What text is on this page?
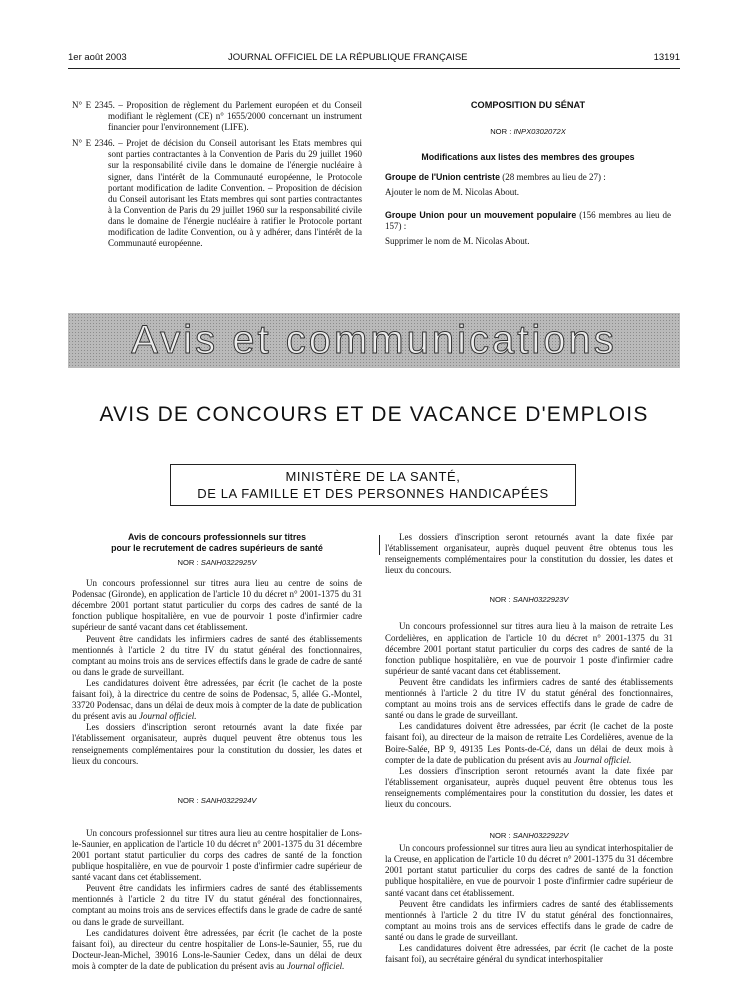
1er août 2003	JOURNAL OFFICIEL DE LA RÉPUBLIQUE FRANÇAISE	13191
N° E 2345. – Proposition de règlement du Parlement européen et du Conseil modifiant le règlement (CE) n° 1655/2000 concernant un instrument financier pour l'environnement (LIFE).
N° E 2346. – Projet de décision du Conseil autorisant les Etats membres qui sont parties contractantes à la Convention de Paris du 29 juillet 1960 sur la responsabilité civile dans le domaine de l'énergie nucléaire à signer, dans l'intérêt de la Communauté européenne, le Protocole portant modification de ladite Convention. – Proposition de décision du Conseil autorisant les Etats membres qui sont parties contractantes à la Convention de Paris du 29 juillet 1960 sur la responsabilité civile dans le domaine de l'énergie nucléaire à ratifier le Protocole portant modification de ladite Convention, ou à y adhérer, dans l'intérêt de la Communauté européenne.
COMPOSITION DU SÉNAT
NOR : INPX0302072X
Modifications aux listes des membres des groupes

Groupe de l'Union centriste (28 membres au lieu de 27) :

Ajouter le nom de M. Nicolas About.

Groupe Union pour un mouvement populaire (156 membres au lieu de 157) :

Supprimer le nom de M. Nicolas About.

Avis et communications
AVIS DE CONCOURS ET DE VACANCE D'EMPLOIS
MINISTÈRE DE LA SANTÉ,
DE LA FAMILLE ET DES PERSONNES HANDICAPÉES
Avis de concours professionnels sur titres
pour le recrutement de cadres supérieurs de santé
NOR : SANH0322925V

Un concours professionnel sur titres aura lieu au centre de soins de Podensac (Gironde), en application de l'article 10 du décret n° 2001-1375 du 31 décembre 2001 portant statut particulier du corps des cadres de santé de la fonction publique hospitalière, en vue de pourvoir 1 poste d'infirmier cadre supérieur de santé vacant dans cet établissement.

Peuvent être candidats les infirmiers cadres de santé des établissements mentionnés à l'article 2 du titre IV du statut général des fonctionnaires, comptant au moins trois ans de services effectifs dans le grade de cadre de santé ou dans le grade de surveillant.

Les candidatures doivent être adressées, par écrit (le cachet de la poste faisant foi), à la directrice du centre de soins de Podensac, 5, allée G.-Montel, 33720 Podensac, dans un délai de deux mois à compter de la date de publication du présent avis au Journal officiel.

Les dossiers d'inscription seront retournés avant la date fixée par l'établissement organisateur, auprès duquel peuvent être obtenus tous les renseignements complémentaires pour la constitution du dossier, les dates et lieux du concours.

NOR : SANH0322924V

Un concours professionnel sur titres aura lieu au centre hospitalier de Lons-le-Saunier, en application de l'article 10 du décret n° 2001-1375 du 31 décembre 2001 portant statut particulier du corps des cadres de santé de la fonction publique hospitalière, en vue de pourvoir 1 poste d'infirmier cadre supérieur de santé vacant dans cet établissement.

Peuvent être candidats les infirmiers cadres de santé des établissements mentionnés à l'article 2 du titre IV du statut général des fonctionnaires, comptant au moins trois ans de services effectifs dans le grade de cadre de santé ou dans le grade de surveillant.

Les candidatures doivent être adressées, par écrit (le cachet de la poste faisant foi), au directeur du centre hospitalier de Lons-le-Saunier, 55, rue du Docteur-Jean-Michel, 39016 Lons-le-Saunier Cedex, dans un délai de deux mois à compter de la date de publication du présent avis au Journal officiel.

Les dossiers d'inscription seront retournés avant la date fixée par l'établissement organisateur, auprès duquel peuvent être obtenus tous les renseignements complémentaires pour la constitution du dossier, les dates et lieux du concours.

NOR : SANH0322923V

Un concours professionnel sur titres aura lieu à la maison de retraite Les Cordelières, en application de l'article 10 du décret n° 2001-1375 du 31 décembre 2001 portant statut particulier du corps des cadres de santé de la fonction publique hospitalière, en vue de pourvoir 1 poste d'infirmier cadre supérieur de santé vacant dans cet établissement.

Peuvent être candidats les infirmiers cadres de santé des établissements mentionnés à l'article 2 du titre IV du statut général des fonctionnaires, comptant au moins trois ans de services effectifs dans le grade de cadre de santé ou dans le grade de surveillant.

Les candidatures doivent être adressées, par écrit (le cachet de la poste faisant foi), au directeur de la maison de retraite Les Cordelières, avenue de la Boire-Salée, BP 9, 49135 Les Ponts-de-Cé, dans un délai de deux mois à compter de la date de publication du présent avis au Journal officiel.

Les dossiers d'inscription seront retournés avant la date fixée par l'établissement organisateur, auprès duquel peuvent être obtenus tous les renseignements complémentaires pour la constitution du dossier, les dates et lieux du concours.

NOR : SANH0322922V

Un concours professionnel sur titres aura lieu au syndicat interhospitalier de la Creuse, en application de l'article 10 du décret n° 2001-1375 du 31 décembre 2001 portant statut particulier du corps des cadres de santé de la fonction publique hospitalière, en vue de pourvoir 1 poste d'infirmier cadre supérieur de santé vacant dans cet établissement.

Peuvent être candidats les infirmiers cadres de santé des établissements mentionnés à l'article 2 du titre IV du statut général des fonctionnaires, comptant au moins trois ans de services effectifs dans le grade de cadre de santé ou dans le grade de surveillant.

Les candidatures doivent être adressées, par écrit (le cachet de la poste faisant foi), au secrétaire général du syndicat interhospitalier
